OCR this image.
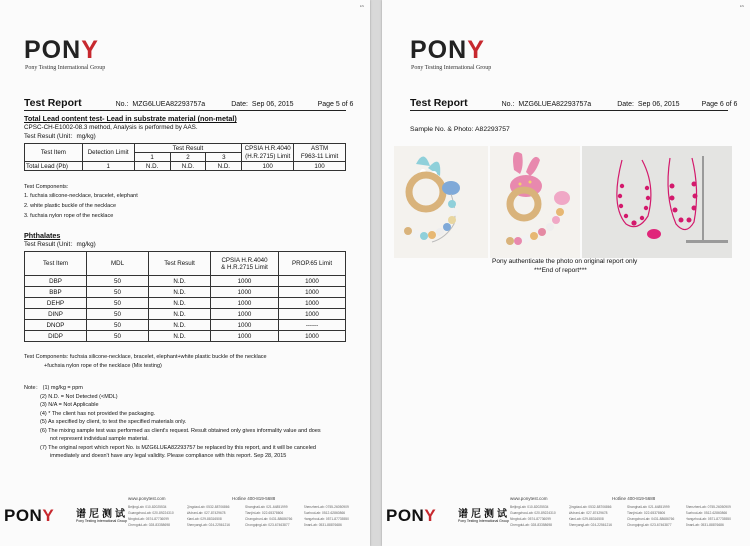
EN
PONY
Pony Testing International Group
Test Report	No.: MZG6LUEA82293757a	Date: Sep 06, 2015	Page 5 of 6
Total Lead content test- Lead in substrate material (non-metal)
CPSC-CH-E1002-08.3 method, Analysis is performed by AAS.
Test Result (Unit：mg/kg)
Test Item	Detection Limit	Test Result			CPSIA H.R.4040	ASTM
		1	2	3	(H.R.2715) Limit	F963-11 Limit
Total Lead (Pb)	1	N.D.	N.D.	N.D.	100	100
Test Components:
1. fuchsia silicone-necklace, bracelet, elephant
2. white plastic buckle of the necklace
3. fuchsia nylon rope of the necklace
Phthalates
Test Result (Unit：mg/kg)
Test Item	MDL	Test Result	CPSIA H.R.4040
& H.R.2715 Limit	PROP.65 Limit
DBP	50	N.D.	1000	1000
BBP	50	N.D.	1000	1000
DEHP	50	N.D.	1000	1000
DINP	50	N.D.	1000	1000
DNOP	50	N.D.	1000	------
DIDP	50	N.D.	1000	1000
Test Components: fuchsia silicone-necklace, bracelet, elephant+white plastic buckle of the necklace
+fuchsia nylon rope of the necklace (Mix testing)
Note： (1) mg/kg = ppm
(2) N.D. = Not Detected (<MDL)
(3) N/A = Not Applicable
(4) * The client has not provided the packaging.
(5) As specified by client, to test the specified materials only.
(6) The mixing sample test was performed as client's request. Result obtained only gives informality value and does
not represent individual sample material.
(7) The original report which report No. is MZG6LUEA82293757 be replaced by this report, and it will be canceled
immediately and doesn't have any legal validity. Please compliance with this report. Sep 28, 2015
www.ponytest.com	Hotline 400-819-5688
PONY 谱尼测试
Pony Testing International Group
BeijingLab: 010-82025534	QingdaoLab: 0532-88706866	ShanghaiLab: 021-64851999	ShenzhenLab: 0755-26050909
GuangzhouLab: 020-89224310	WuhanLab: 027-87429678	TianjinLab: 022-65378606	SuzhouLab: 0512-62860866
NingboLab: 0574-87736099	XianLab: 029-88316508	ChangchunLab: 0431-88686766	HangzhouLab: 0571-87735550
ChengduLab: 028-83358698	ShenyangLab: 024-22561216	ChongqingLab: 023-67463877	JinanLab: 0531-88876686
EN
PONY
Pony Testing International Group
Test Report	No.: MZG6LUEA82293757a	Date: Sep 06, 2015	Page 6 of 6
Sample No. & Photo: A82293757
Pony authenticate the photo on original report only
***End of report***
www.ponytest.com	Hotline 400-819-5688
PONY 谱尼测试
Pony Testing International Group
BeijingLab: 010-82025534	QingdaoLab: 0532-88706866	ShanghaiLab: 021-64851999	ShenzhenLab: 0755-26050909
GuangzhouLab: 020-89224310	WuhanLab: 027-87429678	TianjinLab: 022-65378606	SuzhouLab: 0512-62860866
NingboLab: 0574-87736099	XianLab: 029-88316508	ChangchunLab: 0431-88686766	HangzhouLab: 0571-87735550
ChengduLab: 028-83358698	ShenyangLab: 024-22561216	ChongqingLab: 023-67463877	JinanLab: 0531-88876686
